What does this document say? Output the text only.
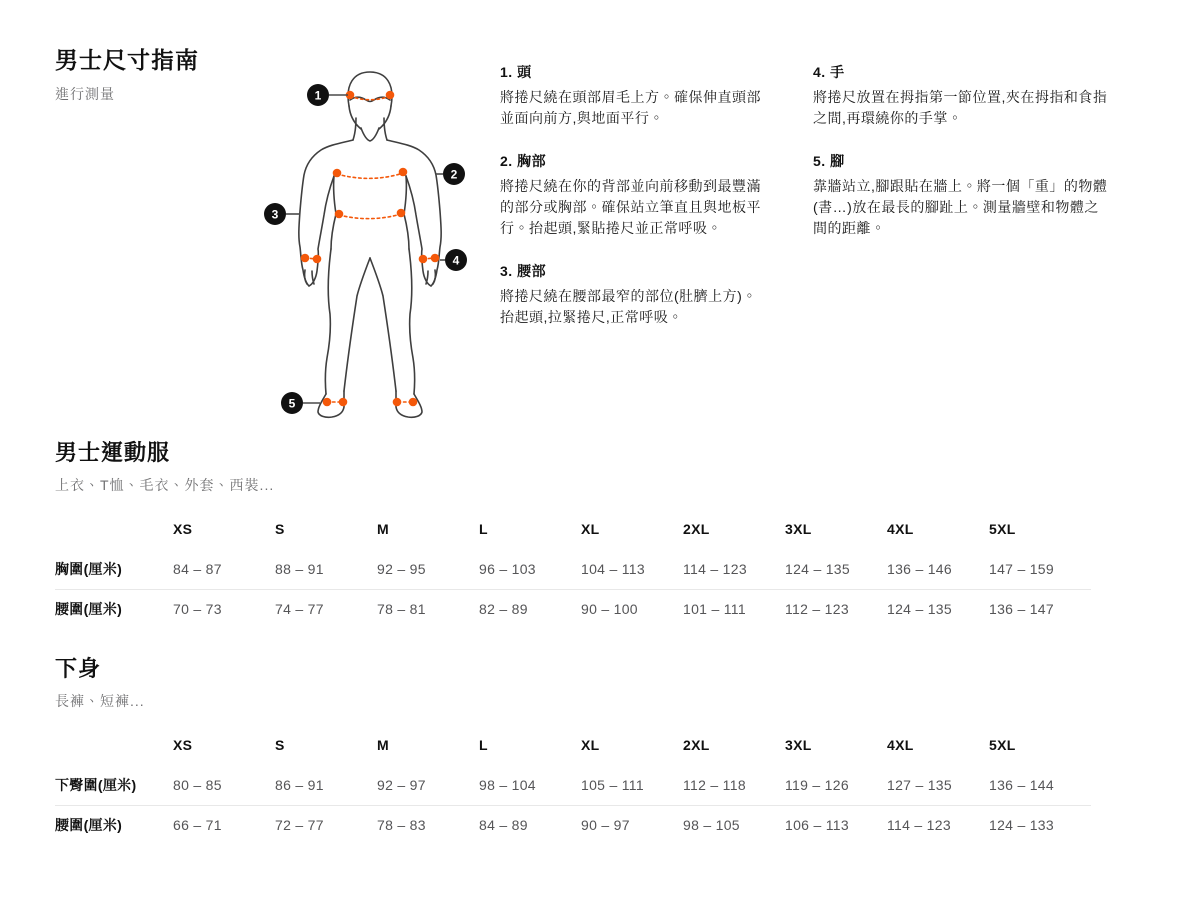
男士尺寸指南

進行測量	1
2
3
4
5
1. 頭

將捲尺繞在頭部眉毛上方。確保伸直頭部並面向前方,與地面平行。

2. 胸部

將捲尺繞在你的背部並向前移動到最豐滿的部分或胸部。確保站立筆直且與地板平行。抬起頭,緊貼捲尺並正常呼吸。

3. 腰部

將捲尺繞在腰部最窄的部位(肚臍上方)。抬起頭,拉緊捲尺,正常呼吸。

4. 手

將捲尺放置在拇指第一節位置,夾在拇指和食指之間,再環繞你的手掌。

5. 腳

靠牆站立,腳跟貼在牆上。將一個「重」的物體(書…)放在最長的腳趾上。測量牆壁和物體之間的距離。

男士運動服

上衣、T恤、毛衣、外套、西裝...

	XS	S	M	L	XL	2XL	3XL	4XL	5XL
胸圍(厘米)	84 – 87	88 – 91	92 – 95	96 – 103	104 – 113	114 – 123	124 – 135	136 – 146	147 – 159
腰圍(厘米)	70 – 73	74 – 77	78 – 81	82 – 89	90 – 100	101 – 111	112 – 123	124 – 135	136 – 147
下身

長褲、短褲...

	XS	S	M	L	XL	2XL	3XL	4XL	5XL
下臀圍(厘米)	80 – 85	86 – 91	92 – 97	98 – 104	105 – 111	112 – 118	119 – 126	127 – 135	136 – 144
腰圍(厘米)	66 – 71	72 – 77	78 – 83	84 – 89	90 – 97	98 – 105	106 – 113	114 – 123	124 – 133
